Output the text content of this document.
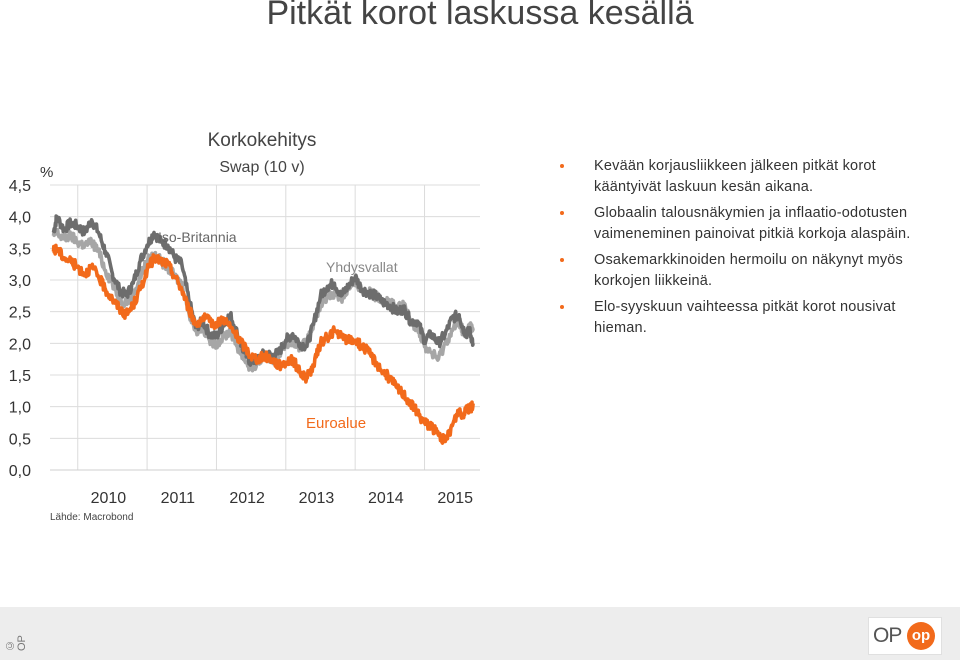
Pitkät korot laskussa kesällä
Korkokehitys
Swap (10 v)
%
4,5
4,0
3,5
3,0
2,5
2,0
1,5
1,0
0,5
0,0
2010 2011 2012 2013 2014 2015
Iso-Britannia
Yhdysvallat
Euroalue
Lähde: Macrobond
Kevään korjausliikkeen jälkeen pitkät korot kääntyivät laskuun kesän aikana.
Globaalin talousnäkymien ja inflaatio-odotusten vaimeneminen painoivat pitkiä korkoja alaspäin.
Osakemarkkinoiden hermoilu on näkynyt myös korkojen liikkeinä.
Elo-syyskuun vaihteessa pitkät korot nousivat hieman.
© OP	OP op
